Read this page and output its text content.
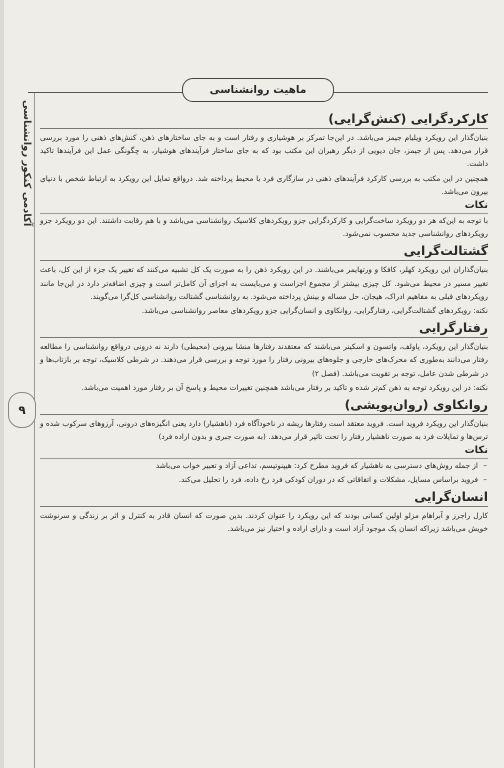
آکادمی کنکور روانشناسی
۹
ماهیت روانشناسی
کارکردگرایی (کنش‌گرایی)

بنیان‌گذار این رویکرد ویلیام جیمز می‌باشد. در این‌جا تمرکز بر هوشیاری و رفتار است و به جای ساختارهای ذهن، کنش‌های ذهنی را مورد بررسی قرار می‌دهد. پس از جیمز، جان دیویی از دیگر رهبران این مکتب بود که به جای ساختار فرآیندهای هوشیار، به چگونگی عمل این فرآیندها تاکید داشت.

همچنین در این مکتب به بررسی کارکرد فرآیندهای ذهنی در سازگاری فرد با محیط پرداخته شد. درواقع تمایل این رویکرد به ارتباط شخص با دنیای بیرون می‌باشد.

نکات

با توجه به این‌که هر دو رویکرد ساخت‌گرایی و کارکردگرایی جزو رویکردهای کلاسیک روانشناسی می‌باشد و با هم رقابت داشتند. این دو رویکرد جزو رویکردهای روانشناسی جدید محسوب نمی‌شود.

گشتالت‌گرایی

بنیان‌گذاران این رویکرد کهلر، کافکا و ورتهایمر می‌باشند. در این رویکرد ذهن را به صورت یک کل تشبیه می‌کنند که تغییر یک جزء از این کل، باعث تغییر مسیر در محیط می‌شود. کل چیزی بیشتر از مجموع اجزاست و می‌بایست به اجزای آن کامل‌تر است و چیزی اضافه‌تر دارد در این‌جا مانند رویکردهای قبلی به مفاهیم ادراک، هیجان، حل مساله و بینش پرداخته می‌شود. به روانشناسی گشتالت روانشناسی کل‌گرا می‌گویند.

نکته: رویکردهای گشتالت‌گرایی، رفتارگرایی، روانکاوی و انسان‌گرایی جزو رویکردهای معاصر روانشناسی می‌باشد.

رفتارگرایی

بنیان‌گذار این رویکرد، پاولف، واتسون و اسکینر می‌باشند که معتقدند رفتارها منشا بیرونی (محیطی) دارند نه درونی درواقع روانشناسی را مطالعه رفتار می‌دانند به‌طوری که محرک‌های خارجی و جلوه‌های بیرونی رفتار را مورد توجه و بررسی قرار می‌دهند. در شرطی کلاسیک، توجه بر بازتاب‌ها و در شرطی شدن عامل، توجه بر تقویت می‌باشد. (فصل ۲)

نکته: در این رویکرد توجه به ذهن کم‌تر شده و تاکید بر رفتار می‌باشد همچنین تغییرات محیط و پاسخ آن بر رفتار مورد اهمیت می‌باشد.

روانکاوی (روان‌پویشی)

بنیان‌گذار این رویکرد فروید است. فروید معتقد است رفتارها ریشه در ناخودآگاه فرد (ناهشیار) دارد یعنی انگیزه‌های درونی، آرزوهای سرکوب شده و ترس‌ها و تمایلات فرد به صورت ناهشیار رفتار را تحت تاثیر قرار می‌دهد. (به صورت جبری و بدون اراده فرد)

نکات
– از جمله روش‌های دسترسی به ناهشیار که فروید مطرح کرد: هیپنوتیسم، تداعی آزاد و تعبیر خواب می‌باشد
– فروید براساس مسایل، مشکلات و اتفاقاتی که در دوران کودکی فرد رخ داده، فرد را تحلیل می‌کند.
انسان‌گرایی

کارل راجرز و آبراهام مزلو اولین کسانی بودند که این رویکرد را عنوان کردند. بدین صورت که انسان قادر به کنترل و اثر بر زندگی و سرنوشت خویش می‌باشد زیراکه انسان یک موجود آزاد است و دارای اراده و اختیار نیز می‌باشد.
